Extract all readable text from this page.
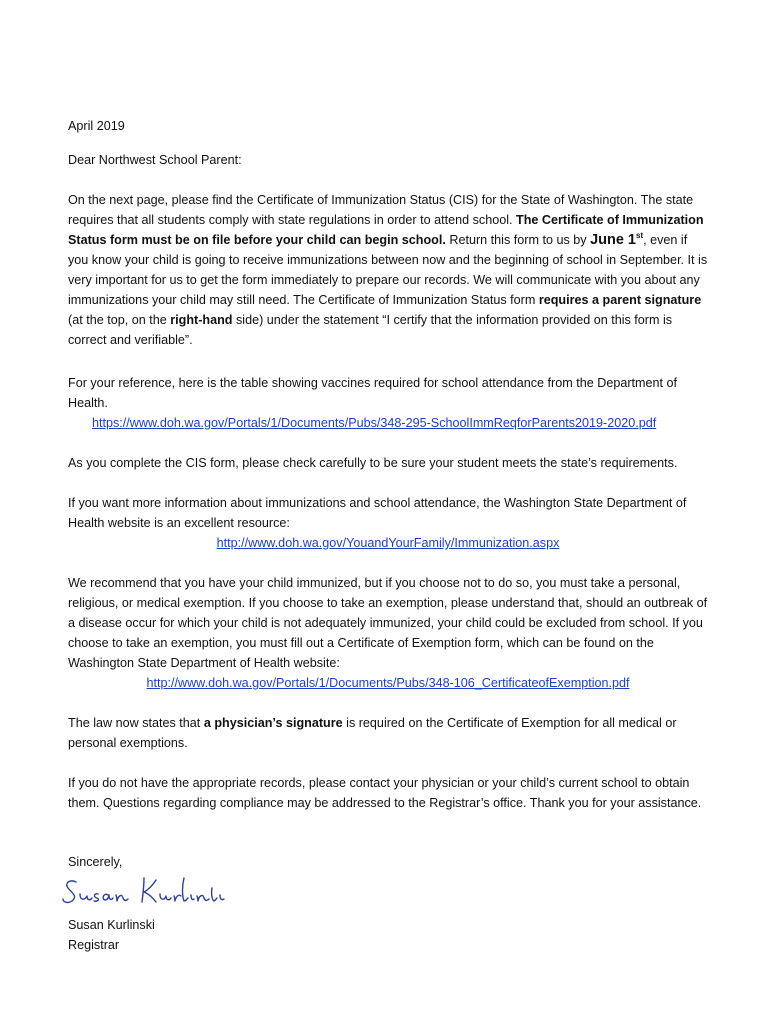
April 2019

Dear Northwest School Parent:

On the next page, please find the Certificate of Immunization Status (CIS) for the State of Washington. The state requires that all students comply with state regulations in order to attend school. The Certificate of Immunization Status form must be on file before your child can begin school. Return this form to us by June 1st, even if you know your child is going to receive immunizations between now and the beginning of school in September. It is very important for us to get the form immediately to prepare our records. We will communicate with you about any immunizations your child may still need. The Certificate of Immunization Status form requires a parent signature (at the top, on the right-hand side) under the statement “I certify that the information provided on this form is correct and verifiable”.

For your reference, here is the table showing vaccines required for school attendance from the Department of Health.

https://www.doh.wa.gov/Portals/1/Documents/Pubs/348-295-SchoolImmReqforParents2019-2020.pdf

As you complete the CIS form, please check carefully to be sure your student meets the state’s requirements.

If you want more information about immunizations and school attendance, the Washington State Department of Health website is an excellent resource:

http://www.doh.wa.gov/YouandYourFamily/Immunization.aspx

We recommend that you have your child immunized, but if you choose not to do so, you must take a personal, religious, or medical exemption. If you choose to take an exemption, please understand that, should an outbreak of a disease occur for which your child is not adequately immunized, your child could be excluded from school. If you choose to take an exemption, you must fill out a Certificate of Exemption form, which can be found on the Washington State Department of Health website:

http://www.doh.wa.gov/Portals/1/Documents/Pubs/348-106_CertificateofExemption.pdf

The law now states that a physician’s signature is required on the Certificate of Exemption for all medical or personal exemptions.

If you do not have the appropriate records, please contact your physician or your child’s current school to obtain them. Questions regarding compliance may be addressed to the Registrar’s office. Thank you for your assistance.

Sincerely,

Susan Kurlinski

Registrar
